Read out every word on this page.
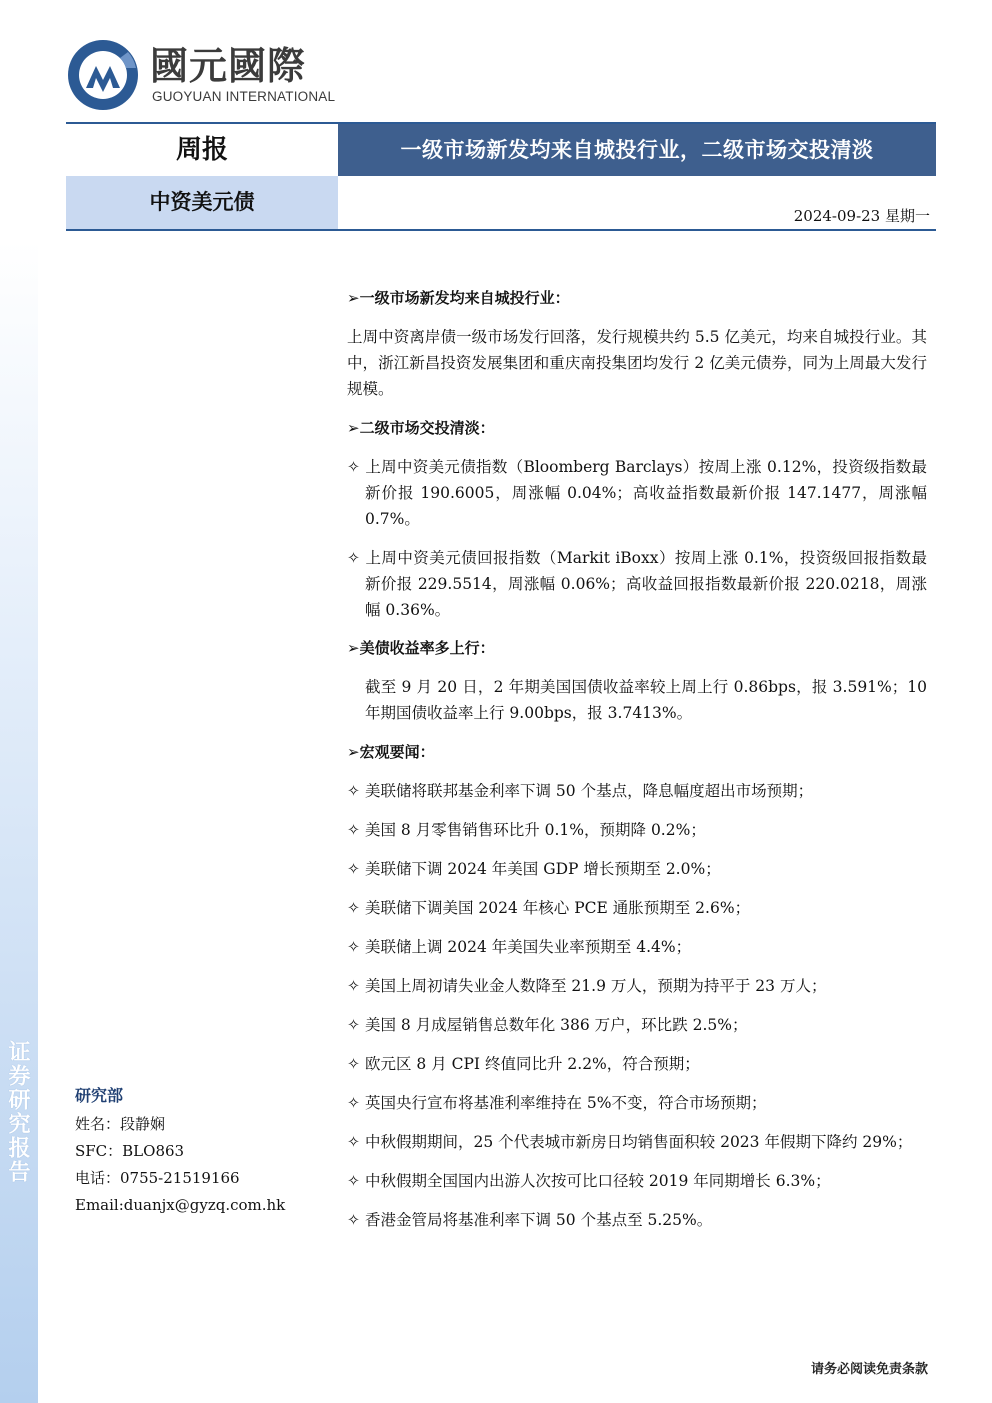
证券研究报告
國元國際
GUOYUAN INTERNATIONAL
周报	一级市场新发均来自城投行业，二级市场交投清淡
中资美元债
2024-09-23 星期一
➢一级市场新发均来自城投行业：
上周中资离岸债一级市场发行回落，发行规模共约 5.5 亿美元，均来自城投行业。其中，浙江新昌投资发展集团和重庆南投集团均发行 2 亿美元债券，同为上周最大发行规模。
➢二级市场交投清淡：
✧ 上周中资美元债指数（Bloomberg Barclays）按周上涨 0.12%，投资级指数最新价报 190.6005，周涨幅 0.04%；高收益指数最新价报 147.1477，周涨幅 0.7%。
✧ 上周中资美元债回报指数（Markit iBoxx）按周上涨 0.1%，投资级回报指数最新价报 229.5514，周涨幅 0.06%；高收益回报指数最新价报 220.0218，周涨幅 0.36%。
➢美债收益率多上行：
截至 9 月 20 日，2 年期美国国债收益率较上周上行 0.86bps，报 3.591%；10 年期国债收益率上行 9.00bps，报 3.7413%。
➢宏观要闻：
✧ 美联储将联邦基金利率下调 50 个基点，降息幅度超出市场预期；
✧ 美国 8 月零售销售环比升 0.1%，预期降 0.2%；
✧ 美联储下调 2024 年美国 GDP 增长预期至 2.0%；
✧ 美联储下调美国 2024 年核心 PCE 通胀预期至 2.6%；
✧ 美联储上调 2024 年美国失业率预期至 4.4%；
✧ 美国上周初请失业金人数降至 21.9 万人，预期为持平于 23 万人；
✧ 美国 8 月成屋销售总数年化 386 万户，环比跌 2.5%；
✧ 欧元区 8 月 CPI 终值同比升 2.2%，符合预期；
✧ 英国央行宣布将基准利率维持在 5%不变，符合市场预期；
✧ 中秋假期期间，25 个代表城市新房日均销售面积较 2023 年假期下降约 29%；
✧ 中秋假期全国国内出游人次按可比口径较 2019 年同期增长 6.3%；
✧ 香港金管局将基准利率下调 50 个基点至 5.25%。
研究部
姓名：段静娴
SFC：BLO863
电话：0755-21519166
Email:duanjx@gyzq.com.hk
请务必阅读免责条款
